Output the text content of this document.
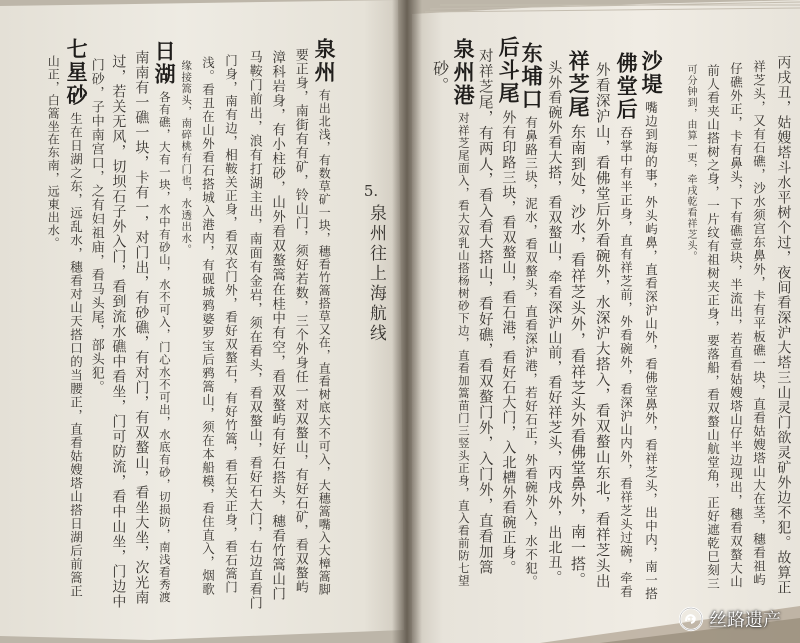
丙戌丑，姑嫂塔斗水平树个过，夜间看深沪大塔三山灵门欲灵矿外边不犯。故算正
祥芝头，又有石礁，沙水须宫东鼻外，卡有平板礁一块，直看姑嫂塔山大在茎，穗看祖屿
仔礁外正，卡有鼻头，下有礁壹块，半流出，若直看姑嫂塔山仔半边现出，穗看双螯大山
前人看夹山搭树之身，一片纹有祖树夹正身，要落船，看双螯山航堂角，正好遮乾巳刻三
可分钟到，由算一更，牵戌乾看祥芝头。
沙堤
嘴边到海的事，外头屿鼻，直看深沪山外，看佛堂鼻外，看祥芝头，出中内，南一搭
佛堂后
吞掌中有半正身，直有祥芝前，外看碗外，看深沪山内外，看祥芝头过碗，牵看
外看深沪山，看佛堂后外看碗外，水深沪大搭入，看双螯山东北，看祥芝头出
祥芝尾
东南到处，沙水，看祥芝头外，看祥芝头外看佛堂鼻外，南一搭。
头外看碗外看大搭，看双螯山，牵看深沪山前，看好祥芝头，丙戌外，出北丑。
东埔口
有鼻路三块，泥水，看双螯头，直看深沪港，若好石正，外看碗外入，水不犯。
后斗尾
外有印路三块，看双螯山，看石港，看好石大门，入北槽外看碗正身。
对祥芝尾，有两人，看入看大搭山，看好礁，看双螯门外，入门外，直看加篙
泉州港
对祥芝尾面入，看大双乳山搭杨树砂下边，直看加篙苗门三竖头正身，直入看前防七望
砂。
5.
泉州往上海航线
泉州
有出北浅，有数草矿一块，穗看竹篙搭草又在，直看树底大不可入，大穗篙嘴入大樟篙脚
要正身，南街有有矿，铃山门，须好若数，三个外身任一对双螯山，有好石矿，看双螯屿
漳科岩身，有小柱砂，山外看双螯篙在桂中有空，看双螯屿有好石搭头，穗看竹篙山门
马鞍门前出，浪有打湖主出，南面有金岩，须在看头，看双螯山，看好石大门，右边直看门
门身，南有边，相鞍关正身，看双衣门外，看好双螯石，有好竹篙，看石关正身，看石篙门
浅。看丑在山外看石搭城入港内，有砚城鸦婆罗宝后鸦篙山，须在本船模，看住直入，烟歌
缘接篙头，南碎桃有门也，水透出水。
日湖
各有礁，大有一块，水中有砂山，水不可入，门心水不可出，水底有砂，切损防，南浅看秀渡
南南有一礁一块，卡有一，对门出，有砂礁，有对门，有双螯山，看坐大坐，次光南
过，若关无风，切坝石子外入门，看到流水礁中看坐，门可防流，看中山坐，门边中
门砂，子中南宫口，之有妇祖庙，看马头尾，部头犯。
七星砂
生在日湖之东，远乱水，穗看对山天搭口的当腰正，直看姑嫂塔山搭日湖后前篙正
山正，白篙坐在东南，远東出水。
丝路遗产
